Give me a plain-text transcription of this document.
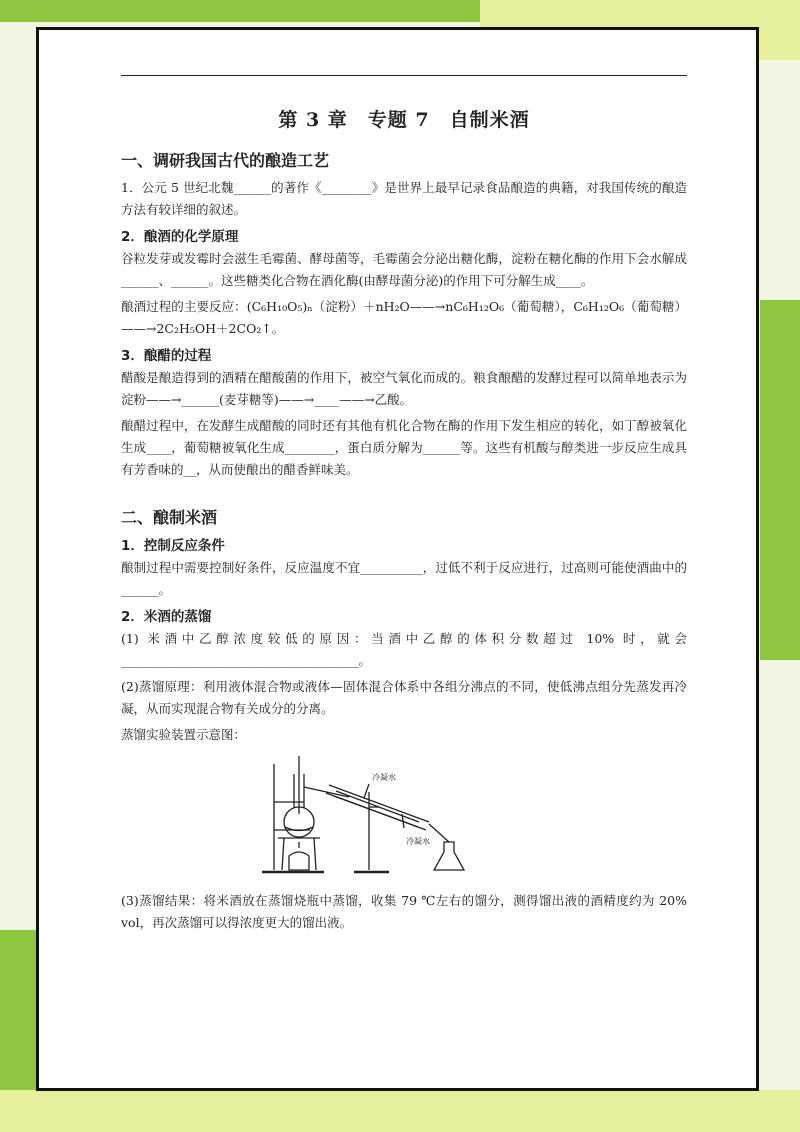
第 3 章　专题 7　自制米酒
一、调研我国古代的酿造工艺

1．公元 5 世纪北魏______的著作《________》是世界上最早记录食品酿造的典籍，对我国传统的酿造方法有较详细的叙述。

2．酿酒的化学原理

谷粒发芽或发霉时会滋生毛霉菌、酵母菌等，毛霉菌会分泌出糖化酶，淀粉在糖化酶的作用下会水解成______、______。这些糖类化合物在酒化酶(由酵母菌分泌)的作用下可分解生成____。

酿酒过程的主要反应：(C₆H₁₀O₅)ₙ（淀粉）＋nH₂O——→nC₆H₁₂O₆（葡萄糖），C₆H₁₂O₆（葡萄糖）——→2C₂H₅OH＋2CO₂↑。

3．酿醋的过程

醋酸是酿造得到的酒精在醋酸菌的作用下，被空气氧化而成的。粮食酿醋的发酵过程可以简单地表示为淀粉——→______(麦芽糖等)——→____——→乙酸。

酿醋过程中，在发酵生成醋酸的同时还有其他有机化合物在酶的作用下发生相应的转化，如丁醇被氧化生成____，葡萄糖被氧化生成________，蛋白质分解为______等。这些有机酸与醇类进一步反应生成具有芳香味的__，从而使酿出的醋香鲜味美。

二、酿制米酒
1．控制反应条件

酿制过程中需要控制好条件，反应温度不宜__________，过低不利于反应进行，过高则可能使酒曲中的______。

2．米酒的蒸馏

(1) 米酒中乙醇浓度较低的原因：当酒中乙醇的体积分数超过 10% 时，就会______________________________________。

(2)蒸馏原理：利用液体混合物或液体—固体混合体系中各组分沸点的不同，使低沸点组分先蒸发再冷凝，从而实现混合物有关成分的分离。

蒸馏实验装置示意图：

冷凝水
冷凝水

(3)蒸馏结果：将米酒放在蒸馏烧瓶中蒸馏，收集 79 ℃左右的馏分，测得馏出液的酒精度约为 20% vol，再次蒸馏可以得浓度更大的馏出液。
